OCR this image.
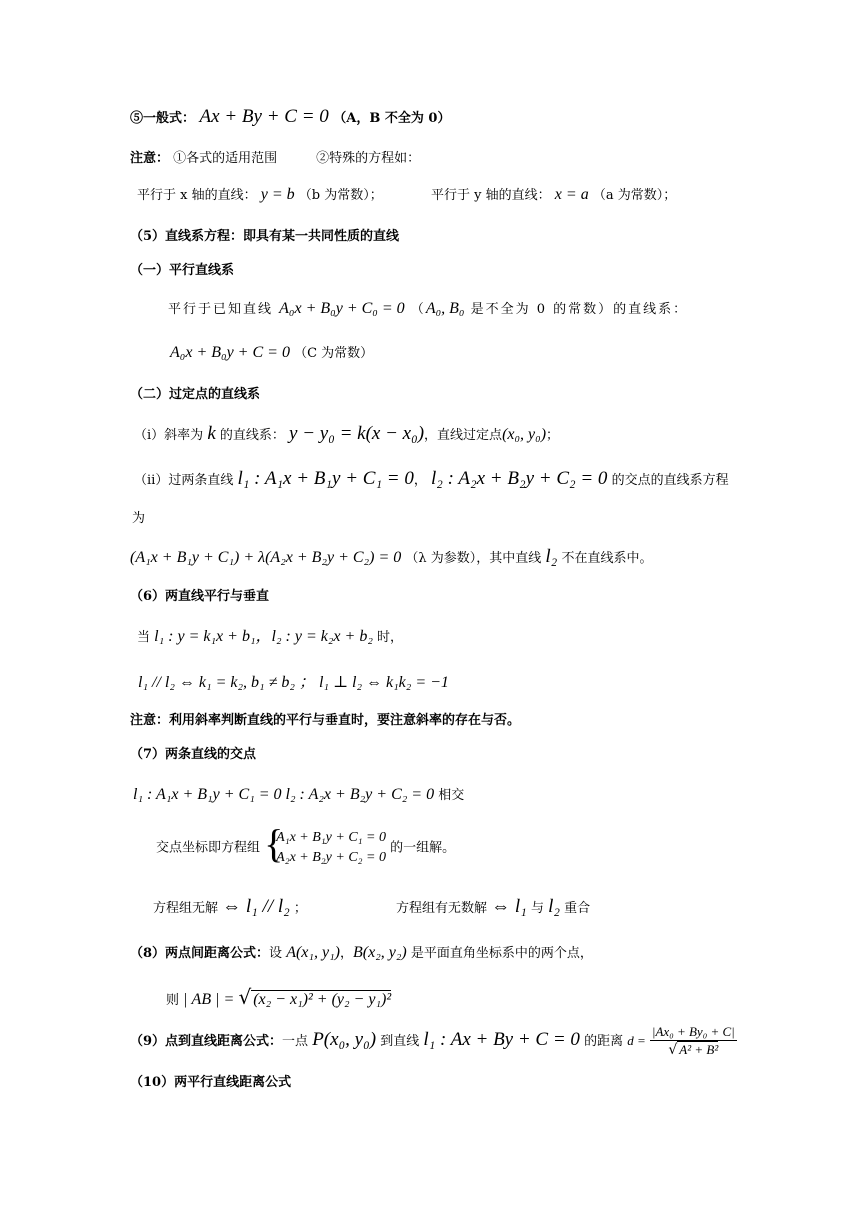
⑤一般式： Ax + By + C = 0 （A，B 不全为 0）
注意： ①各式的适用范围　　　②特殊的方程如：
平行于 x 轴的直线： y = b （b 为常数）；	平行于 y 轴的直线： x = a （a 为常数）；
（5）直线系方程：即具有某一共同性质的直线
（一）平行直线系
平行于已知直线 A₀x + B₀y + C₀ = 0 （A₀, B₀ 是不全为 0 的常数）的直线系：
A₀x + B₀y + C = 0 （C 为常数）
（二）过定点的直线系
（ⅰ）斜率为 k 的直线系： y − y₀ = k(x − x₀)，直线过定点(x₀, y₀)；
（ⅱ）过两条直线 l₁ : A₁x + B₁y + C₁ = 0， l₂ : A₂x + B₂y + C₂ = 0 的交点的直线系方程
为
(A₁x + B₁y + C₁) + λ(A₂x + B₂y + C₂) = 0 （λ 为参数），其中直线 l₂ 不在直线系中。
（6）两直线平行与垂直
当 l₁ : y = k₁x + b₁，l₂ : y = k₂x + b₂ 时，
l₁ // l₂ ⇔ k₁ = k₂, b₁ ≠ b₂ ； l₁ ⊥ l₂ ⇔ k₁k₂ = −1
注意：利用斜率判断直线的平行与垂直时，要注意斜率的存在与否。
（7）两条直线的交点
l₁ : A₁x + B₁y + C₁ = 0 l₂ : A₂x + B₂y + C₂ = 0 相交
交点坐标即方程组 {
A₁x + B₁y + C₁ = 0
A₂x + B₂y + C₂ = 0
的一组解。
方程组无解 ⇔ l₁ // l₂ ；	方程组有无数解 ⇔ l₁ 与 l₂ 重合
（8）两点间距离公式：设 A(x₁, y₁)，B(x₂, y₂) 是平面直角坐标系中的两个点，
则 | AB | = √ (x₂ − x₁)² + (y₂ − y₁)²
（9）点到直线距离公式：一点 P(x₀, y₀) 到直线 l₁ : Ax + By + C = 0 的距离 $d = \frac{\text{|Ax₀ + By₀ + C|}}{\text{√ A² + B²}}$
（10）两平行直线距离公式
